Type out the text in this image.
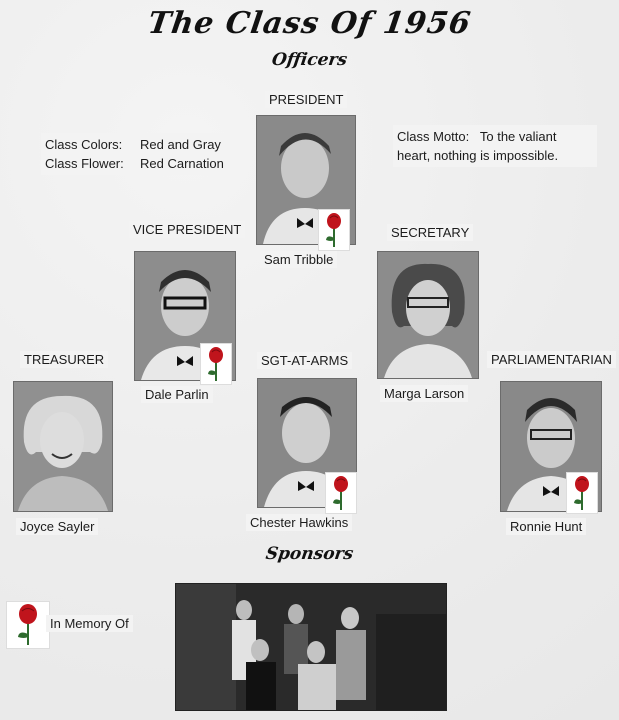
The Class Of 1956
Officers
Class Colors:	Red and Gray
Class Flower:	Red Carnation
Class Motto: To the valiant heart, nothing is impossible.
PRESIDENT
Sam Tribble
VICE PRESIDENT
Dale Parlin
SECRETARY
Marga Larson
TREASURER
Joyce Sayler
SGT-AT-ARMS
Chester Hawkins
PARLIAMENTARIAN
Ronnie Hunt
Sponsors
In Memory Of
